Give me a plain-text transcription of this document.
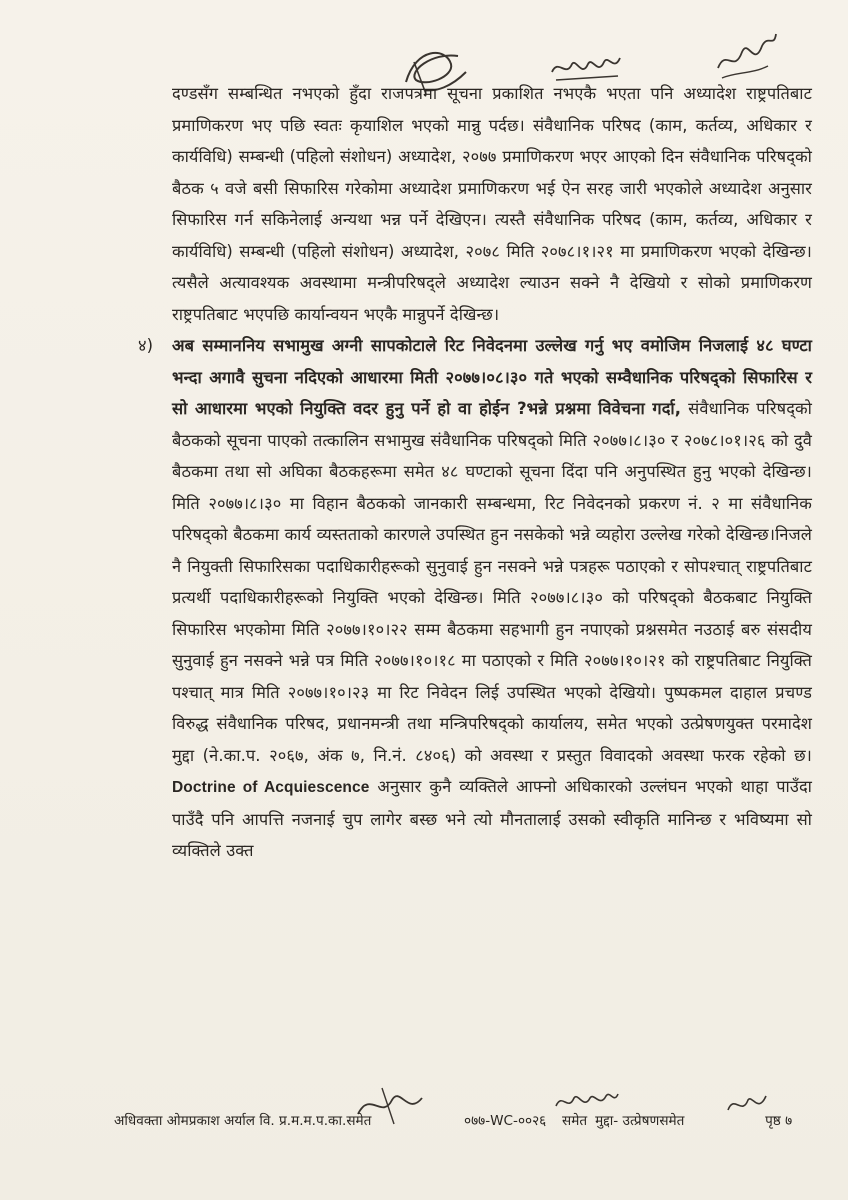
दण्डसँग सम्बन्धित नभएको हुँदा राजपत्रमा सूचना प्रकाशित नभएकै भएता पनि अध्यादेश राष्ट्रपतिबाट प्रमाणिकरण भए पछि स्वतः कृयाशिल भएको मान्नु पर्दछ। संवैधानिक परिषद (काम, कर्तव्य, अधिकार र कार्यविधि) सम्बन्धी (पहिलो संशोधन) अध्यादेश, २०७७ प्रमाणिकरण भएर आएको दिन संवैधानिक परिषद्को बैठक ५ वजे बसी सिफारिस गरेकोमा अध्यादेश प्रमाणिकरण भई ऐन सरह जारी भएकोले अध्यादेश अनुसार सिफारिस गर्न सकिनेलाई अन्यथा भन्न पर्ने देखिएन। त्यस्तै संवैधानिक परिषद (काम, कर्तव्य, अधिकार र कार्यविधि) सम्बन्धी (पहिलो संशोधन) अध्यादेश, २०७८ मिति २०७८।१।२१ मा प्रमाणिकरण भएको देखिन्छ। त्यसैले अत्यावश्यक अवस्थामा मन्त्रीपरिषद्ले अध्यादेश ल्याउन सक्ने नै देखियो र सोको प्रमाणिकरण राष्ट्रपतिबाट भएपछि कार्यान्वयन भएकै मान्नुपर्ने देखिन्छ।

४) अब सम्माननिय सभामुख अग्नी सापकोटाले रिट निवेदनमा उल्लेख गर्नु भए वमोजिम निजलाई ४८ घण्टा भन्दा अगावै सुचना नदिएको आधारमा मिती २०७७।०८।३० गते भएको सम्वैधानिक परिषद्को सिफारिस र सो आधारमा भएको नियुक्ति वदर हुनु पर्ने हो वा होईन ?भन्ने प्रश्नमा विवेचना गर्दा, संवैधानिक परिषद्को बैठकको सूचना पाएको तत्कालिन सभामुख संवैधानिक परिषद्को मिति २०७७।८।३० र २०७८।०१।२६ को दुवै बैठकमा तथा सो अघिका बैठकहरूमा समेत ४८ घण्टाको सूचना दिंदा पनि अनुपस्थित हुनु भएको देखिन्छ। मिति २०७७।८।३० मा विहान बैठकको जानकारी सम्बन्धमा, रिट निवेदनको प्रकरण नं. २ मा संवैधानिक परिषद्को बैठकमा कार्य व्यस्तताको कारणले उपस्थित हुन नसकेको भन्ने व्यहोरा उल्लेख गरेको देखिन्छ।निजले नै नियुक्ती सिफारिसका पदाधिकारीहरूको सुनुवाई हुन नसक्ने भन्ने पत्रहरू पठाएको र सोपश्चात् राष्ट्रपतिबाट प्रत्यर्थी पदाधिकारीहरूको नियुक्ति भएको देखिन्छ। मिति २०७७।८।३० को परिषद्को बैठकबाट नियुक्ति सिफारिस भएकोमा मिति २०७७।१०।२२ सम्म बैठकमा सहभागी हुन नपाएको प्रश्नसमेत नउठाई बरु संसदीय सुनुवाई हुन नसक्ने भन्ने पत्र मिति २०७७।१०।१८ मा पठाएको र मिति २०७७।१०।२१ को राष्ट्रपतिबाट नियुक्ति पश्चात् मात्र मिति २०७७।१०।२३ मा रिट निवेदन लिई उपस्थित भएको देखियो। पुष्पकमल दाहाल प्रचण्ड विरुद्ध संवैधानिक परिषद, प्रधानमन्त्री तथा मन्त्रिपरिषद्को कार्यालय, समेत भएको उत्प्रेषणयुक्त परमादेश मुद्दा (ने.का.प. २०६७, अंक ७, नि.नं. ८४०६) को अवस्था र प्रस्तुत विवादको अवस्था फरक रहेको छ। Doctrine of Acquiescence अनुसार कुनै व्यक्तिले आफ्नो अधिकारको उल्लंघन भएको थाहा पाउँदा पाउँदै पनि आपत्ति नजनाई चुप लागेर बस्छ भने त्यो मौनतालाई उसको स्वीकृति मानिन्छ र भविष्यमा सो व्यक्तिले उक्त

अधिवक्ता ओमप्रकाश अर्याल वि. प्र.म.म.प.का.समेत	०७७-WC-००२६	समेत मुद्दा- उत्प्रेषणसमेत	पृष्ठ ७
